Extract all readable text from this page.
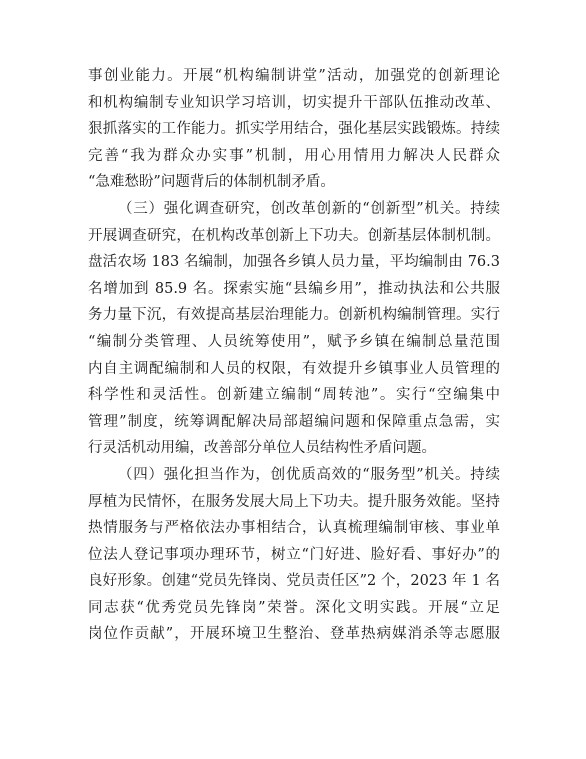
事创业能力。开展“机构编制讲堂”活动，加强党的创新理论
和机构编制专业知识学习培训，切实提升干部队伍推动改革、
狠抓落实的工作能力。抓实学用结合，强化基层实践锻炼。持续
完善“我为群众办实事”机制，用心用情用力解决人民群众
“急难愁盼”问题背后的体制机制矛盾。
（三）强化调查研究，创改革创新的“创新型”机关。持续
开展调查研究，在机构改革创新上下功夫。创新基层体制机制。
盘活农场 183 名编制，加强各乡镇人员力量，平均编制由 76.3
名增加到 85.9 名。探索实施“县编乡用”，推动执法和公共服
务力量下沉，有效提高基层治理能力。创新机构编制管理。实行
“编制分类管理、人员统筹使用”，赋予乡镇在编制总量范围
内自主调配编制和人员的权限，有效提升乡镇事业人员管理的
科学性和灵活性。创新建立编制“周转池”。实行“空编集中
管理”制度，统筹调配解决局部超编问题和保障重点急需，实
行灵活机动用编，改善部分单位人员结构性矛盾问题。
（四）强化担当作为，创优质高效的“服务型”机关。持续
厚植为民情怀，在服务发展大局上下功夫。提升服务效能。坚持
热情服务与严格依法办事相结合，认真梳理编制审核、事业单
位法人登记事项办理环节，树立“门好进、脸好看、事好办”的
良好形象。创建“党员先锋岗、党员责任区”2 个，2023 年 1 名
同志获“优秀党员先锋岗”荣誉。深化文明实践。开展“立足
岗位作贡献”，开展环境卫生整治、登革热病媒消杀等志愿服
